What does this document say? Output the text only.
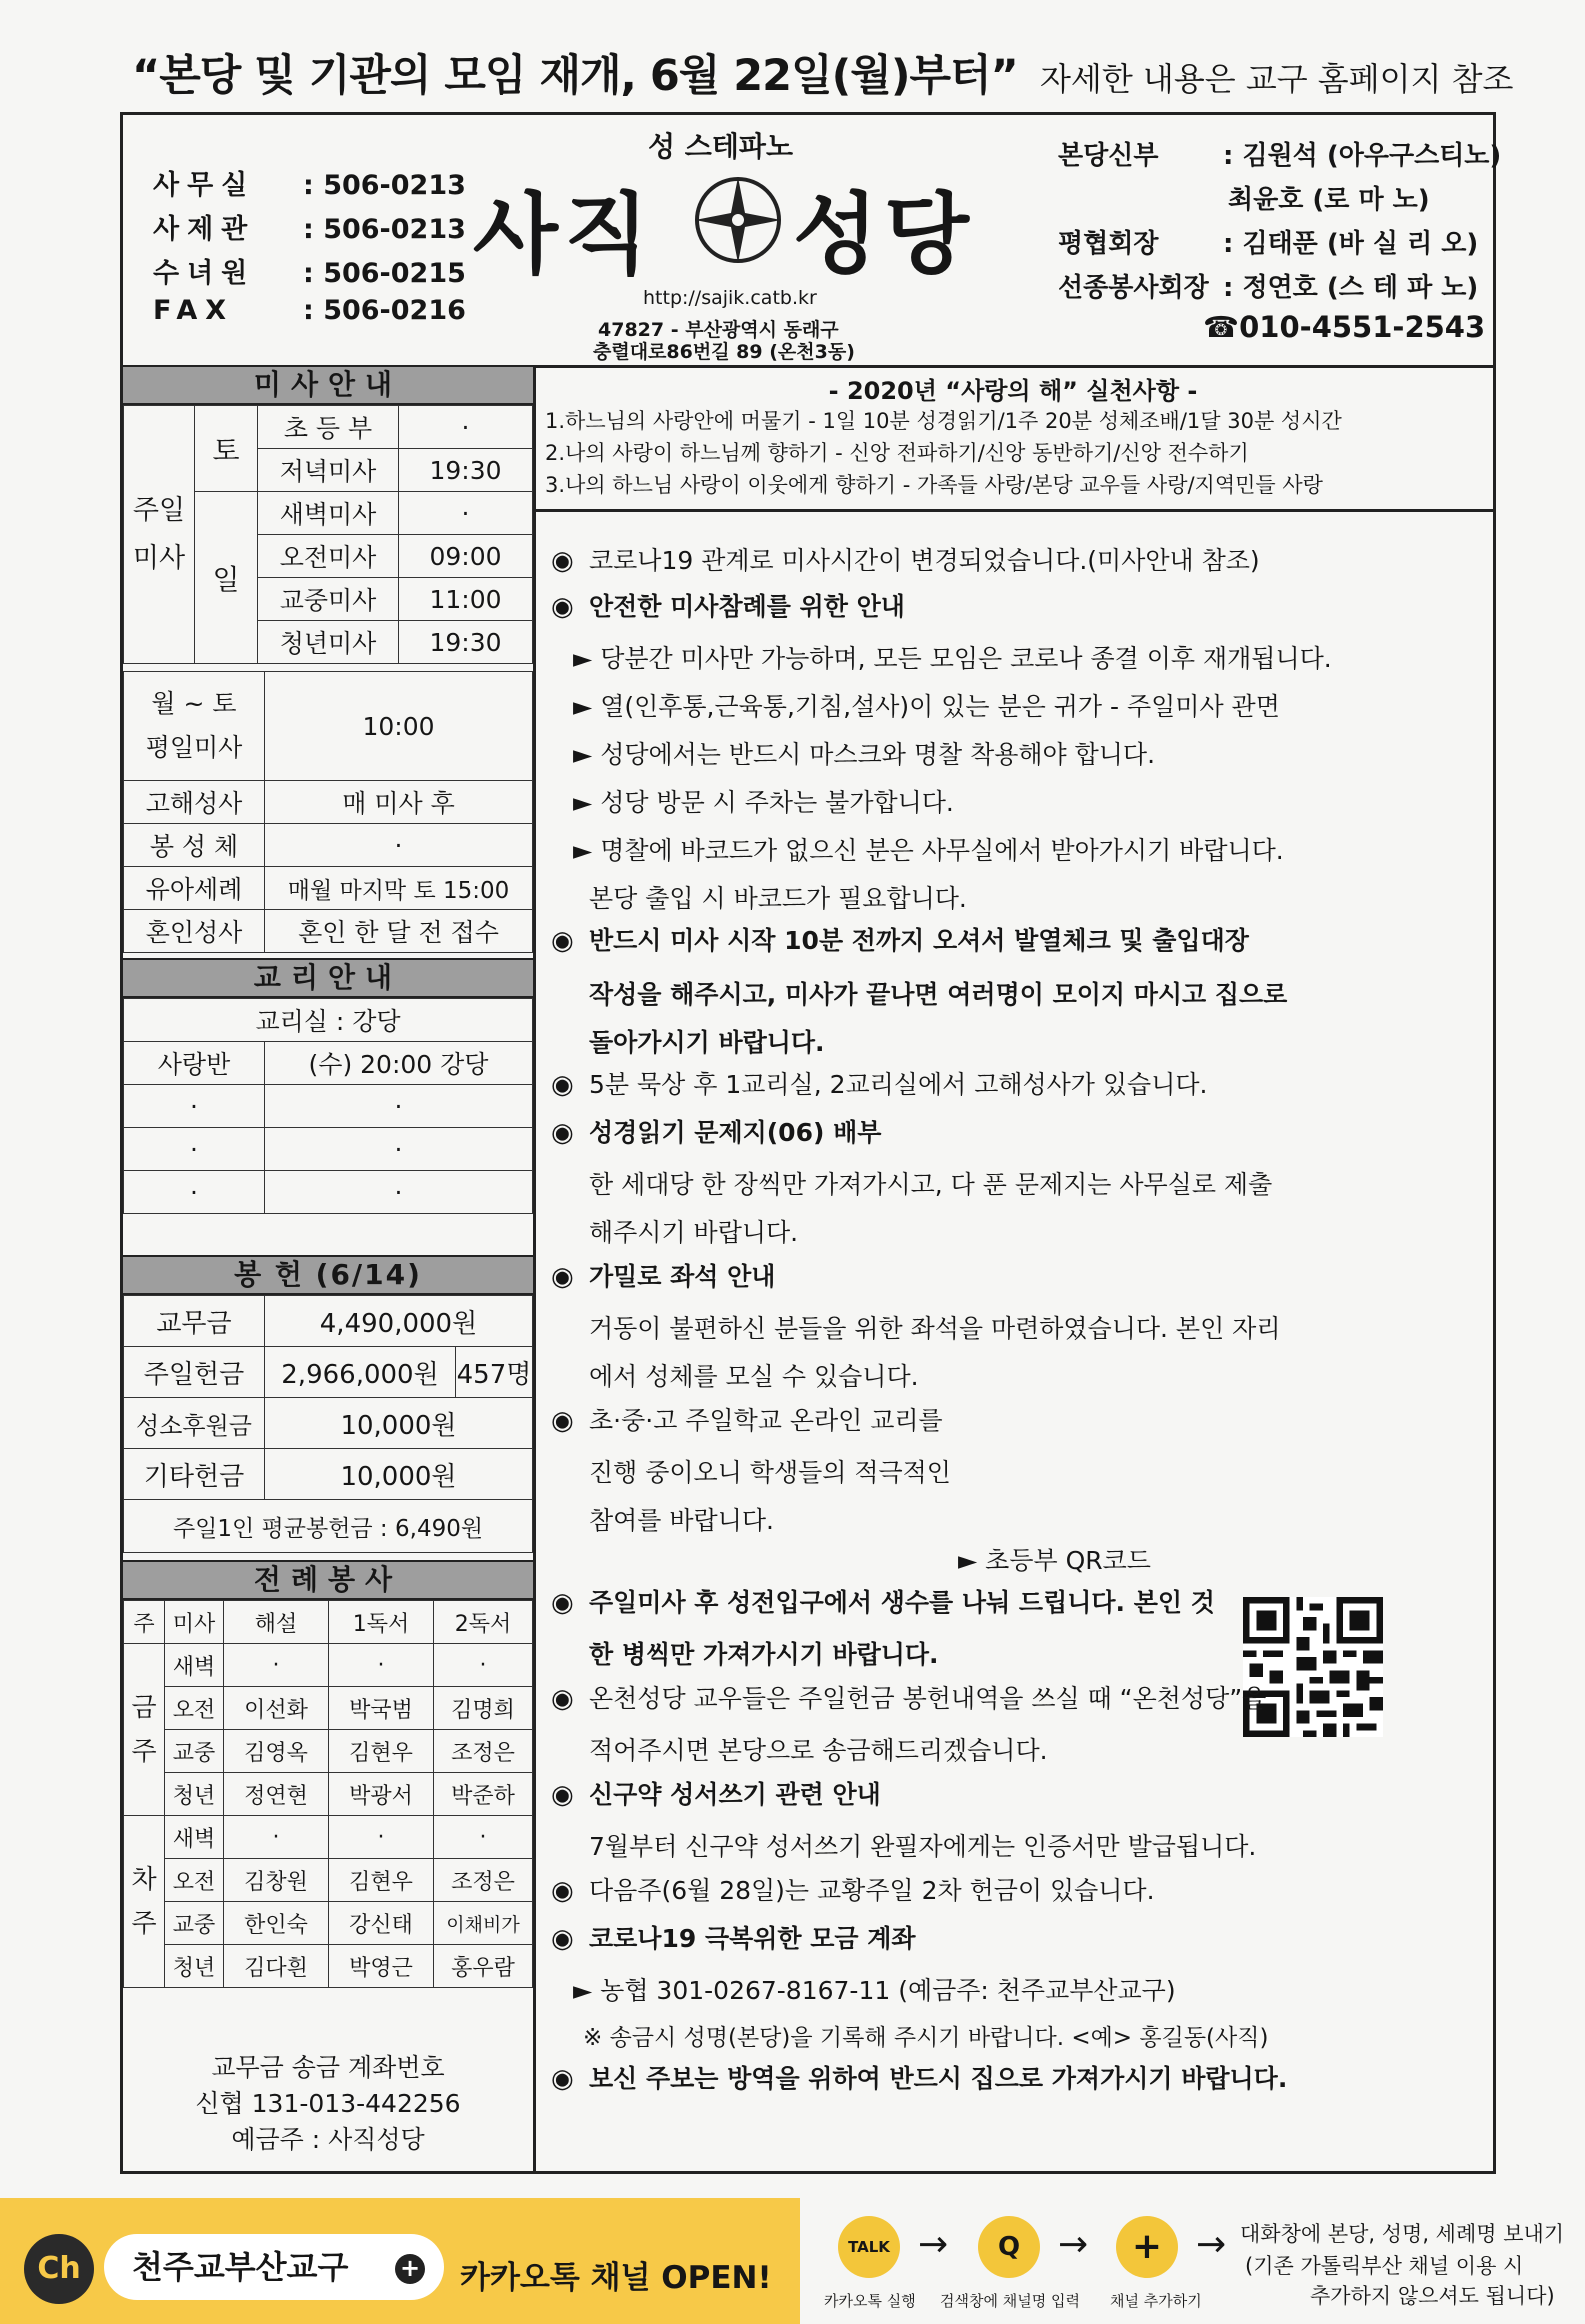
“본당 및 기관의 모임 재개, 6월 22일(월)부터” 자세한 내용은 교구 홈페이지 참조
사무실 : 506-0213
사제관 : 506-0213
수녀원 : 506-0215
FAX	: 506-0216
성 스테파노
사직 성당
http://sajik.catb.kr
47827 - 부산광역시 동래구
충렬대로86번길 89 (온천3동)
본당신부 : 김원석 (아우구스티노)
최윤호 (로 마 노)
평협회장 : 김태푼 (바 실 리 오)
선종봉사회장 : 정연호 (스 테 파 노)
☎010-4551-2543
미사안내
주일미사	토	초 등 부	·
		저녁미사	19:30
	일	새벽미사	·
		오전미사	09:00
		교중미사	11:00
		청년미사	19:30
월 ~ 토
평일미사	10:00
고해성사	매 미사 후
봉 성 체	·
유아세례	매월 마지막 토 15:00
혼인성사	혼인 한 달 전 접수
교리안내
교리실 : 강당	
사랑반	(수) 20:00 강당
·	·
·	·
·	·
봉 헌 (6/14)
교무금	4,490,000원	
주일헌금	2,966,000원	457명
성소후원금	10,000원	
기타헌금	10,000원	
주일1인 평균봉헌금 : 6,490원		
전례봉사
주	미사	해설	1독서	2독서
금주	새벽	·	·	·
	오전	이선화	박국범	김명희
	교중	김영옥	김현우	조정은
	청년	정연현	박광서	박준하
차주	새벽	·	·	·
	오전	김창원	김현우	조정은
	교중	한인숙	강신태	이채비가
	청년	김다흰	박영근	홍우람
교무금 송금 계좌번호
신협 131-013-442256
예금주 : 사직성당
- 2020년 “사랑의 해” 실천사항 -
1.하느님의 사랑안에 머물기 - 1일 10분 성경읽기/1주 20분 성체조배/1달 30분 성시간
2.나의 사랑이 하느님께 향하기 - 신앙 전파하기/신앙 동반하기/신앙 전수하기
3.나의 하느님 사랑이 이웃에게 향하기 - 가족들 사랑/본당 교우들 사랑/지역민들 사랑
◉ 코로나19 관계로 미사시간이 변경되었습니다.(미사안내 참조)
◉ 안전한 미사참례를 위한 안내
► 당분간 미사만 가능하며, 모든 모임은 코로나 종결 이후 재개됩니다.
► 열(인후통,근육통,기침,설사)이 있는 분은 귀가 - 주일미사 관면
► 성당에서는 반드시 마스크와 명찰 착용해야 합니다.
► 성당 방문 시 주차는 불가합니다.
► 명찰에 바코드가 없으신 분은 사무실에서 받아가시기 바랍니다.
본당 출입 시 바코드가 필요합니다.
◉ 반드시 미사 시작 10분 전까지 오셔서 발열체크 및 출입대장
작성을 해주시고, 미사가 끝나면 여러명이 모이지 마시고 집으로
돌아가시기 바랍니다.
◉ 5분 묵상 후 1교리실, 2교리실에서 고해성사가 있습니다.
◉ 성경읽기 문제지(06) 배부
한 세대당 한 장씩만 가져가시고, 다 푼 문제지는 사무실로 제출
해주시기 바랍니다.
◉ 가밀로 좌석 안내
거동이 불편하신 분들을 위한 좌석을 마련하였습니다. 본인 자리
에서 성체를 모실 수 있습니다.
◉ 초·중·고 주일학교 온라인 교리를
진행 중이오니 학생들의 적극적인
참여를 바랍니다.
► 초등부 QR코드
◉ 주일미사 후 성전입구에서 생수를 나눠 드립니다. 본인 것
한 병씩만 가져가시기 바랍니다.
◉ 온천성당 교우들은 주일헌금 봉헌내역을 쓰실 때 “온천성당”을
적어주시면 본당으로 송금해드리겠습니다.
◉ 신구약 성서쓰기 관련 안내
7월부터 신구약 성서쓰기 완필자에게는 인증서만 발급됩니다.
◉ 다음주(6월 28일)는 교황주일 2차 헌금이 있습니다.
◉ 코로나19 극복위한 모금 계좌
► 농협 301-0267-8167-11 (예금주: 천주교부산교구)
※ 송금시 성명(본당)을 기록해 주시기 바랍니다. <예> 홍길동(사직)
◉ 보신 주보는 방역을 위하여 반드시 집으로 가져가시기 바랍니다.
Ch	천주교부산교구	+ 카카오톡 채널 OPEN!
TALK
카카오톡 실행
→	Q
검색창에 채널명 입력
→	+
채널 추가하기
→ 대화창에 본당, 성명, 세례명 보내기
(기존 가톨릭부산 채널 이용 시
추가하지 않으셔도 됩니다)
